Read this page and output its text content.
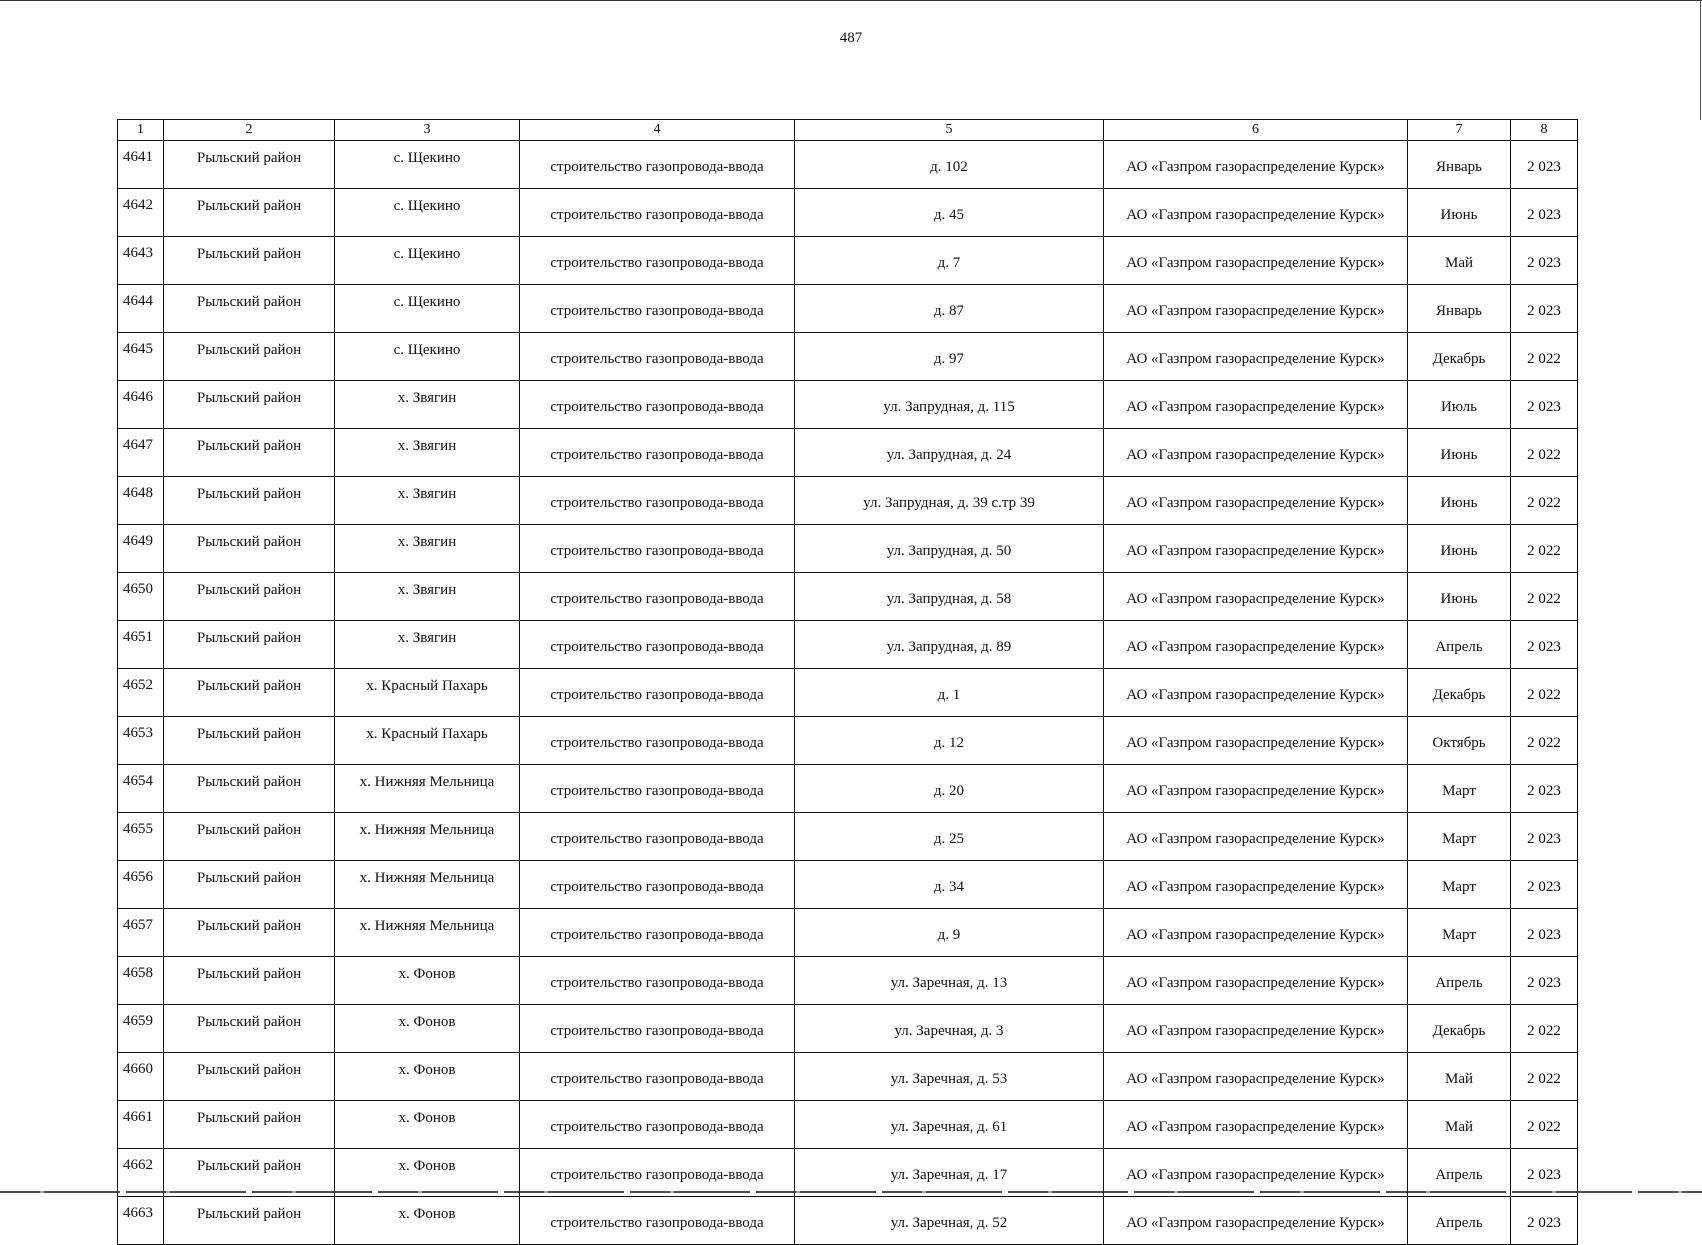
487
1	2	3	4	5	6	7	8
4641	Рыльский район	с. Щекино	строительство газопровода-ввода	д. 102	АО «Газпром газораспределение Курск»	Январь	2 023
4642	Рыльский район	с. Щекино	строительство газопровода-ввода	д. 45	АО «Газпром газораспределение Курск»	Июнь	2 023
4643	Рыльский район	с. Щекино	строительство газопровода-ввода	д. 7	АО «Газпром газораспределение Курск»	Май	2 023
4644	Рыльский район	с. Щекино	строительство газопровода-ввода	д. 87	АО «Газпром газораспределение Курск»	Январь	2 023
4645	Рыльский район	с. Щекино	строительство газопровода-ввода	д. 97	АО «Газпром газораспределение Курск»	Декабрь	2 022
4646	Рыльский район	х. Звягин	строительство газопровода-ввода	ул. Запрудная, д. 115	АО «Газпром газораспределение Курск»	Июль	2 023
4647	Рыльский район	х. Звягин	строительство газопровода-ввода	ул. Запрудная, д. 24	АО «Газпром газораспределение Курск»	Июнь	2 022
4648	Рыльский район	х. Звягин	строительство газопровода-ввода	ул. Запрудная, д. 39 с.тр 39	АО «Газпром газораспределение Курск»	Июнь	2 022
4649	Рыльский район	х. Звягин	строительство газопровода-ввода	ул. Запрудная, д. 50	АО «Газпром газораспределение Курск»	Июнь	2 022
4650	Рыльский район	х. Звягин	строительство газопровода-ввода	ул. Запрудная, д. 58	АО «Газпром газораспределение Курск»	Июнь	2 022
4651	Рыльский район	х. Звягин	строительство газопровода-ввода	ул. Запрудная, д. 89	АО «Газпром газораспределение Курск»	Апрель	2 023
4652	Рыльский район	х. Красный Пахарь	строительство газопровода-ввода	д. 1	АО «Газпром газораспределение Курск»	Декабрь	2 022
4653	Рыльский район	х. Красный Пахарь	строительство газопровода-ввода	д. 12	АО «Газпром газораспределение Курск»	Октябрь	2 022
4654	Рыльский район	х. Нижняя Мельница	строительство газопровода-ввода	д. 20	АО «Газпром газораспределение Курск»	Март	2 023
4655	Рыльский район	х. Нижняя Мельница	строительство газопровода-ввода	д. 25	АО «Газпром газораспределение Курск»	Март	2 023
4656	Рыльский район	х. Нижняя Мельница	строительство газопровода-ввода	д. 34	АО «Газпром газораспределение Курск»	Март	2 023
4657	Рыльский район	х. Нижняя Мельница	строительство газопровода-ввода	д. 9	АО «Газпром газораспределение Курск»	Март	2 023
4658	Рыльский район	х. Фонов	строительство газопровода-ввода	ул. Заречная, д. 13	АО «Газпром газораспределение Курск»	Апрель	2 023
4659	Рыльский район	х. Фонов	строительство газопровода-ввода	ул. Заречная, д. 3	АО «Газпром газораспределение Курск»	Декабрь	2 022
4660	Рыльский район	х. Фонов	строительство газопровода-ввода	ул. Заречная, д. 53	АО «Газпром газораспределение Курск»	Май	2 022
4661	Рыльский район	х. Фонов	строительство газопровода-ввода	ул. Заречная, д. 61	АО «Газпром газораспределение Курск»	Май	2 022
4662	Рыльский район	х. Фонов	строительство газопровода-ввода	ул. Заречная, д. 17	АО «Газпром газораспределение Курск»	Апрель	2 023
4663	Рыльский район	х. Фонов	строительство газопровода-ввода	ул. Заречная, д. 52	АО «Газпром газораспределение Курск»	Апрель	2 023
